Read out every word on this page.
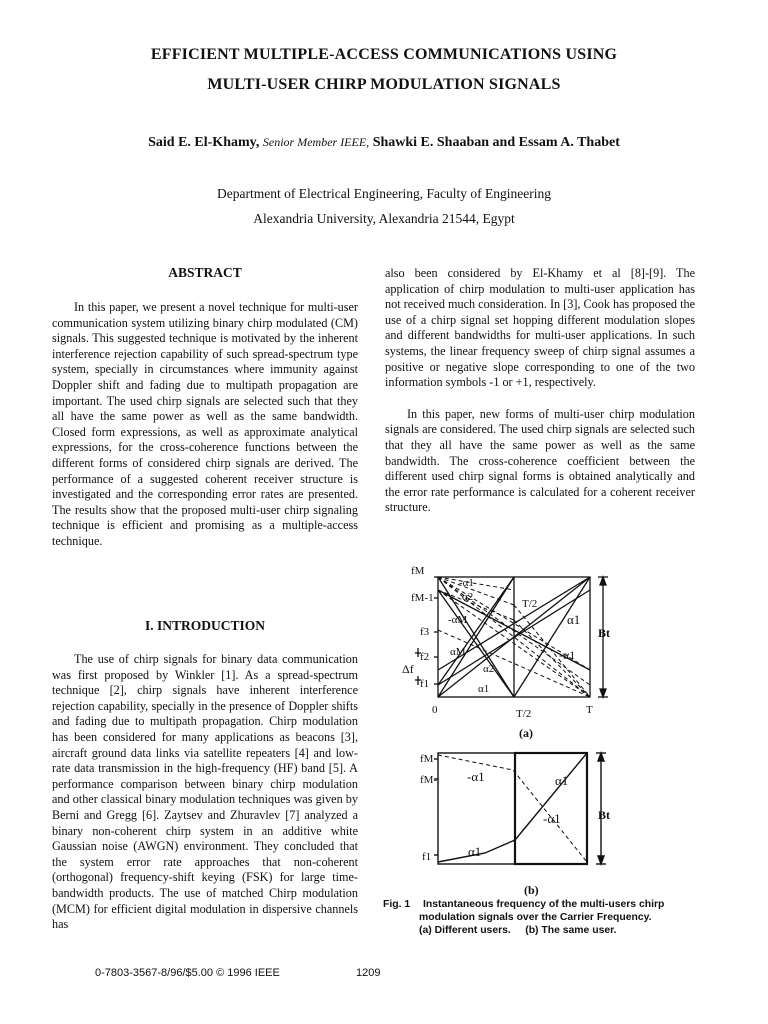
EFFICIENT MULTIPLE-ACCESS COMMUNICATIONS USING
MULTI-USER CHIRP MODULATION SIGNALS
Said E. El-Khamy, Senior Member IEEE, Shawki E. Shaaban and Essam A. Thabet
Department of Electrical Engineering, Faculty of Engineering
Alexandria University, Alexandria 21544, Egypt
ABSTRACT

In this paper, we present a novel technique for multi-user communication system utilizing binary chirp modulated (CM) signals. This suggested technique is motivated by the inherent interference rejection capability of such spread-spectrum type system, specially in circumstances where immunity against Doppler shift and fading due to multipath propagation are important. The used chirp signals are selected such that they all have the same power as well as the same bandwidth. Closed form expressions, as well as approximate analytical expressions, for the cross-coherence functions between the different forms of considered chirp signals are derived. The performance of a suggested coherent receiver structure is investigated and the corresponding error rates are presented. The results show that the proposed multi-user chirp signaling technique is efficient and promising as a multiple-access technique.

I. INTRODUCTION

The use of chirp signals for binary data communication was first proposed by Winkler [1]. As a spread-spectrum technique [2], chirp signals have inherent interference rejection capability, specially in the presence of Doppler shifts and fading due to multipath propagation. Chirp modulation has been considered for many applications as beacons [3], aircraft ground data links via satellite repeaters [4] and low-rate data transmission in the high-frequency (HF) band [5]. A performance comparison between binary chirp modulation and other classical binary modulation techniques was given by Berni and Gregg [6]. Zaytsev and Zhuravlev [7] analyzed a binary non-coherent chirp system in an additive white Gaussian noise (AWGN) environment. They concluded that the system error rate approaches that non-coherent (orthogonal) frequency-shift keying (FSK) for large time-bandwidth products. The use of matched Chirp modulation (MCM) for efficient digital modulation in dispersive channels has

also been considered by El-Khamy et al [8]-[9]. The application of chirp modulation to multi-user application has not received much consideration. In [3], Cook has proposed the use of a chirp signal set hopping different modulation slopes and different bandwidths for multi-user applications. In such systems, the linear frequency sweep of chirp signal assumes a positive or negative slope corresponding to one of the two information symbols -1 or +1, respectively.

In this paper, new forms of multi-user chirp modulation signals are considered. The used chirp signals are selected such that they all have the same power as well as the same bandwidth. The cross-coherence coefficient between the different used chirp signal forms is obtained analytically and the error rate performance is calculated for a coherent receiver structure.

fM
fM-1
f3
f2
f1
Δf
-α1
α2
-αM	α1
αM
α2
α1
-α1
T/2
Bt
0	T/2	T
(a)
fM
fM-
f1
-α1	α1
-α1
α1
Bt
(b)
Fig. 1 Instantaneous frequency of the multi-users chirp
modulation signals over the Carrier Frequency.
(a) Different users.     (b) The same user.
0-7803-3567-8/96/$5.00 © 1996 IEEE	1209
